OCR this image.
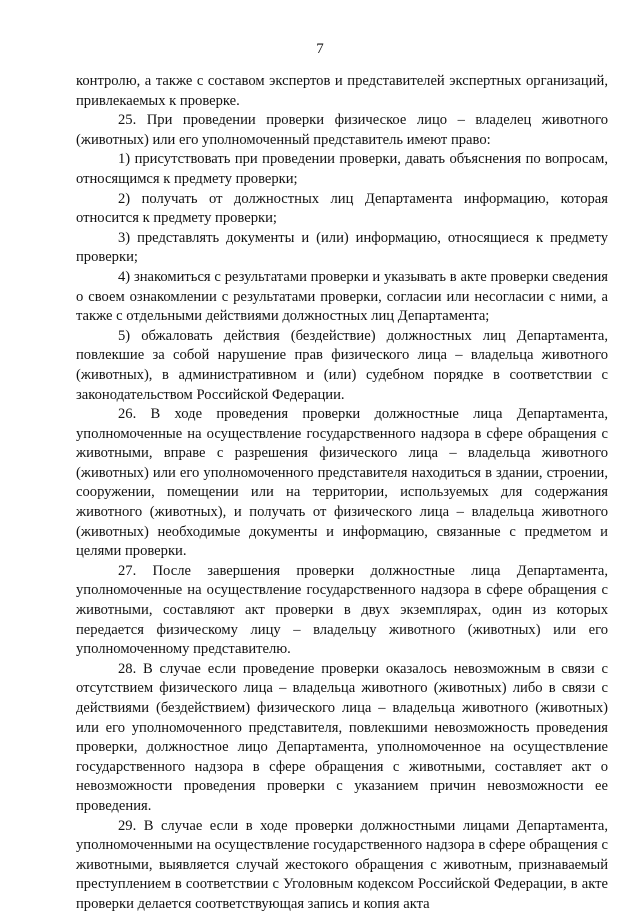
7

контролю, а также с составом экспертов и представителей экспертных организаций, привлекаемых к проверке.

25. При проведении проверки физическое лицо – владелец животного (животных) или его уполномоченный представитель имеют право:

1) присутствовать при проведении проверки, давать объяснения по вопросам, относящимся к предмету проверки;

2) получать от должностных лиц Департамента информацию, которая относится к предмету проверки;

3) представлять документы и (или) информацию, относящиеся к предмету проверки;

4) знакомиться с результатами проверки и указывать в акте проверки сведения о своем ознакомлении с результатами проверки, согласии или несогласии с ними, а также с отдельными действиями должностных лиц Департамента;

5) обжаловать действия (бездействие) должностных лиц Департамента, повлекшие за собой нарушение прав физического лица – владельца животного (животных), в административном и (или) судебном порядке в соответствии с законодательством Российской Федерации.

26. В ходе проведения проверки должностные лица Департамента, уполномоченные на осуществление государственного надзора в сфере обращения с животными, вправе с разрешения физического лица – владельца животного (животных) или его уполномоченного представителя находиться в здании, строении, сооружении, помещении или на территории, используемых для содержания животного (животных), и получать от физического лица – владельца животного (животных) необходимые документы и информацию, связанные с предметом и целями проверки.

27. После завершения проверки должностные лица Департамента, уполномоченные на осуществление государственного надзора в сфере обращения с животными, составляют акт проверки в двух экземплярах, один из которых передается физическому лицу – владельцу животного (животных) или его уполномоченному представителю.

28. В случае если проведение проверки оказалось невозможным в связи с отсутствием физического лица – владельца животного (животных) либо в связи с действиями (бездействием) физического лица – владельца животного (животных) или его уполномоченного представителя, повлекшими невозможность проведения проверки, должностное лицо Департамента, уполномоченное на осуществление государственного надзора в сфере обращения с животными, составляет акт о невозможности проведения проверки с указанием причин невозможности ее проведения.

29. В случае если в ходе проверки должностными лицами Департамента, уполномоченными на осуществление государственного надзора в сфере обращения с животными, выявляется случай жестокого обращения с животным, признаваемый преступлением в соответствии с Уголовным кодексом Российской Федерации, в акте проверки делается соответствующая запись и копия акта
